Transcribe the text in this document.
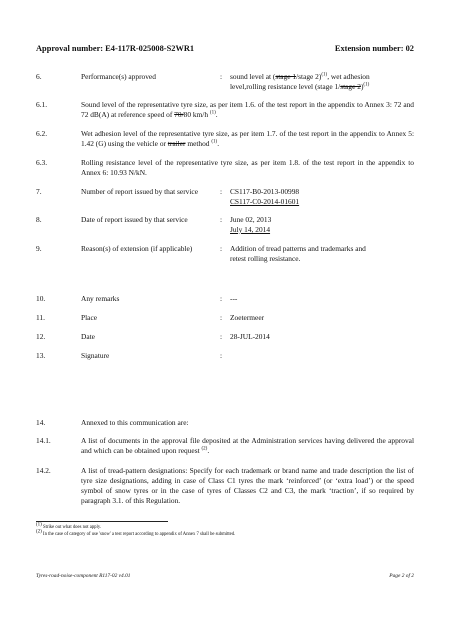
Approval number: E4-117R-025008-S2WR1	Extension number: 02
6.	Performance(s) approved	: sound level at (stage 1/stage 2)$^{(1)}$, wet adhesion
level,rolling resistance level (stage 1/stage 2)$^{(1)}$
6.1.	Sound level of the representative tyre size, as per item 1.6. of the test report in the appendix to Annex 3: 72 and 72 dB(A) at reference speed of 70/80 km/h $^{(1)}$.
6.2.	Wet adhesion level of the representative tyre size, as per item 1.7. of the test report in the appendix to Annex 5: 1.42 (G) using the vehicle or trailer method $^{(1)}$.
6.3.	Rolling resistance level of the representative tyre size, as per item 1.8. of the test report in the appendix to Annex 6: 10.93 N/kN.
7.	Number of report issued by that service	: CS117-B0-2013-00998
CS117-C0-2014-01601
8.	Date of report issued by that service	: June 02, 2013
July 14, 2014
9.	Reason(s) of extension (if applicable)	: Addition of tread patterns and trademarks and
retest rolling resistance.
10.	Any remarks	: ---
11.	Place	: Zoetermeer
12.	Date	: 28-JUL-2014
13.	Signature	:
14.	Annexed to this communication are:
14.1.	A list of documents in the approval file deposited at the Administration services having delivered the approval and which can be obtained upon request $^{(2)}$.
14.2.	A list of tread-pattern designations: Specify for each trademark or brand name and trade description the list of tyre size designations, adding in case of Class C1 tyres the mark ‘reinforced’ (or ‘extra load’) or the speed symbol of snow tyres or in the case of tyres of Classes C2 and C3, the mark ‘traction’, if so required by paragraph 3.1. of this Regulation.
$^{(1)}$ Strike out what does not apply.
$^{(2)}$ In the case of category of use 'snow' a test report according to appendix of Annex 7 shall be submitted.
Tyres-road-noise-component R117-02 v4.01	Page 2 of 2
